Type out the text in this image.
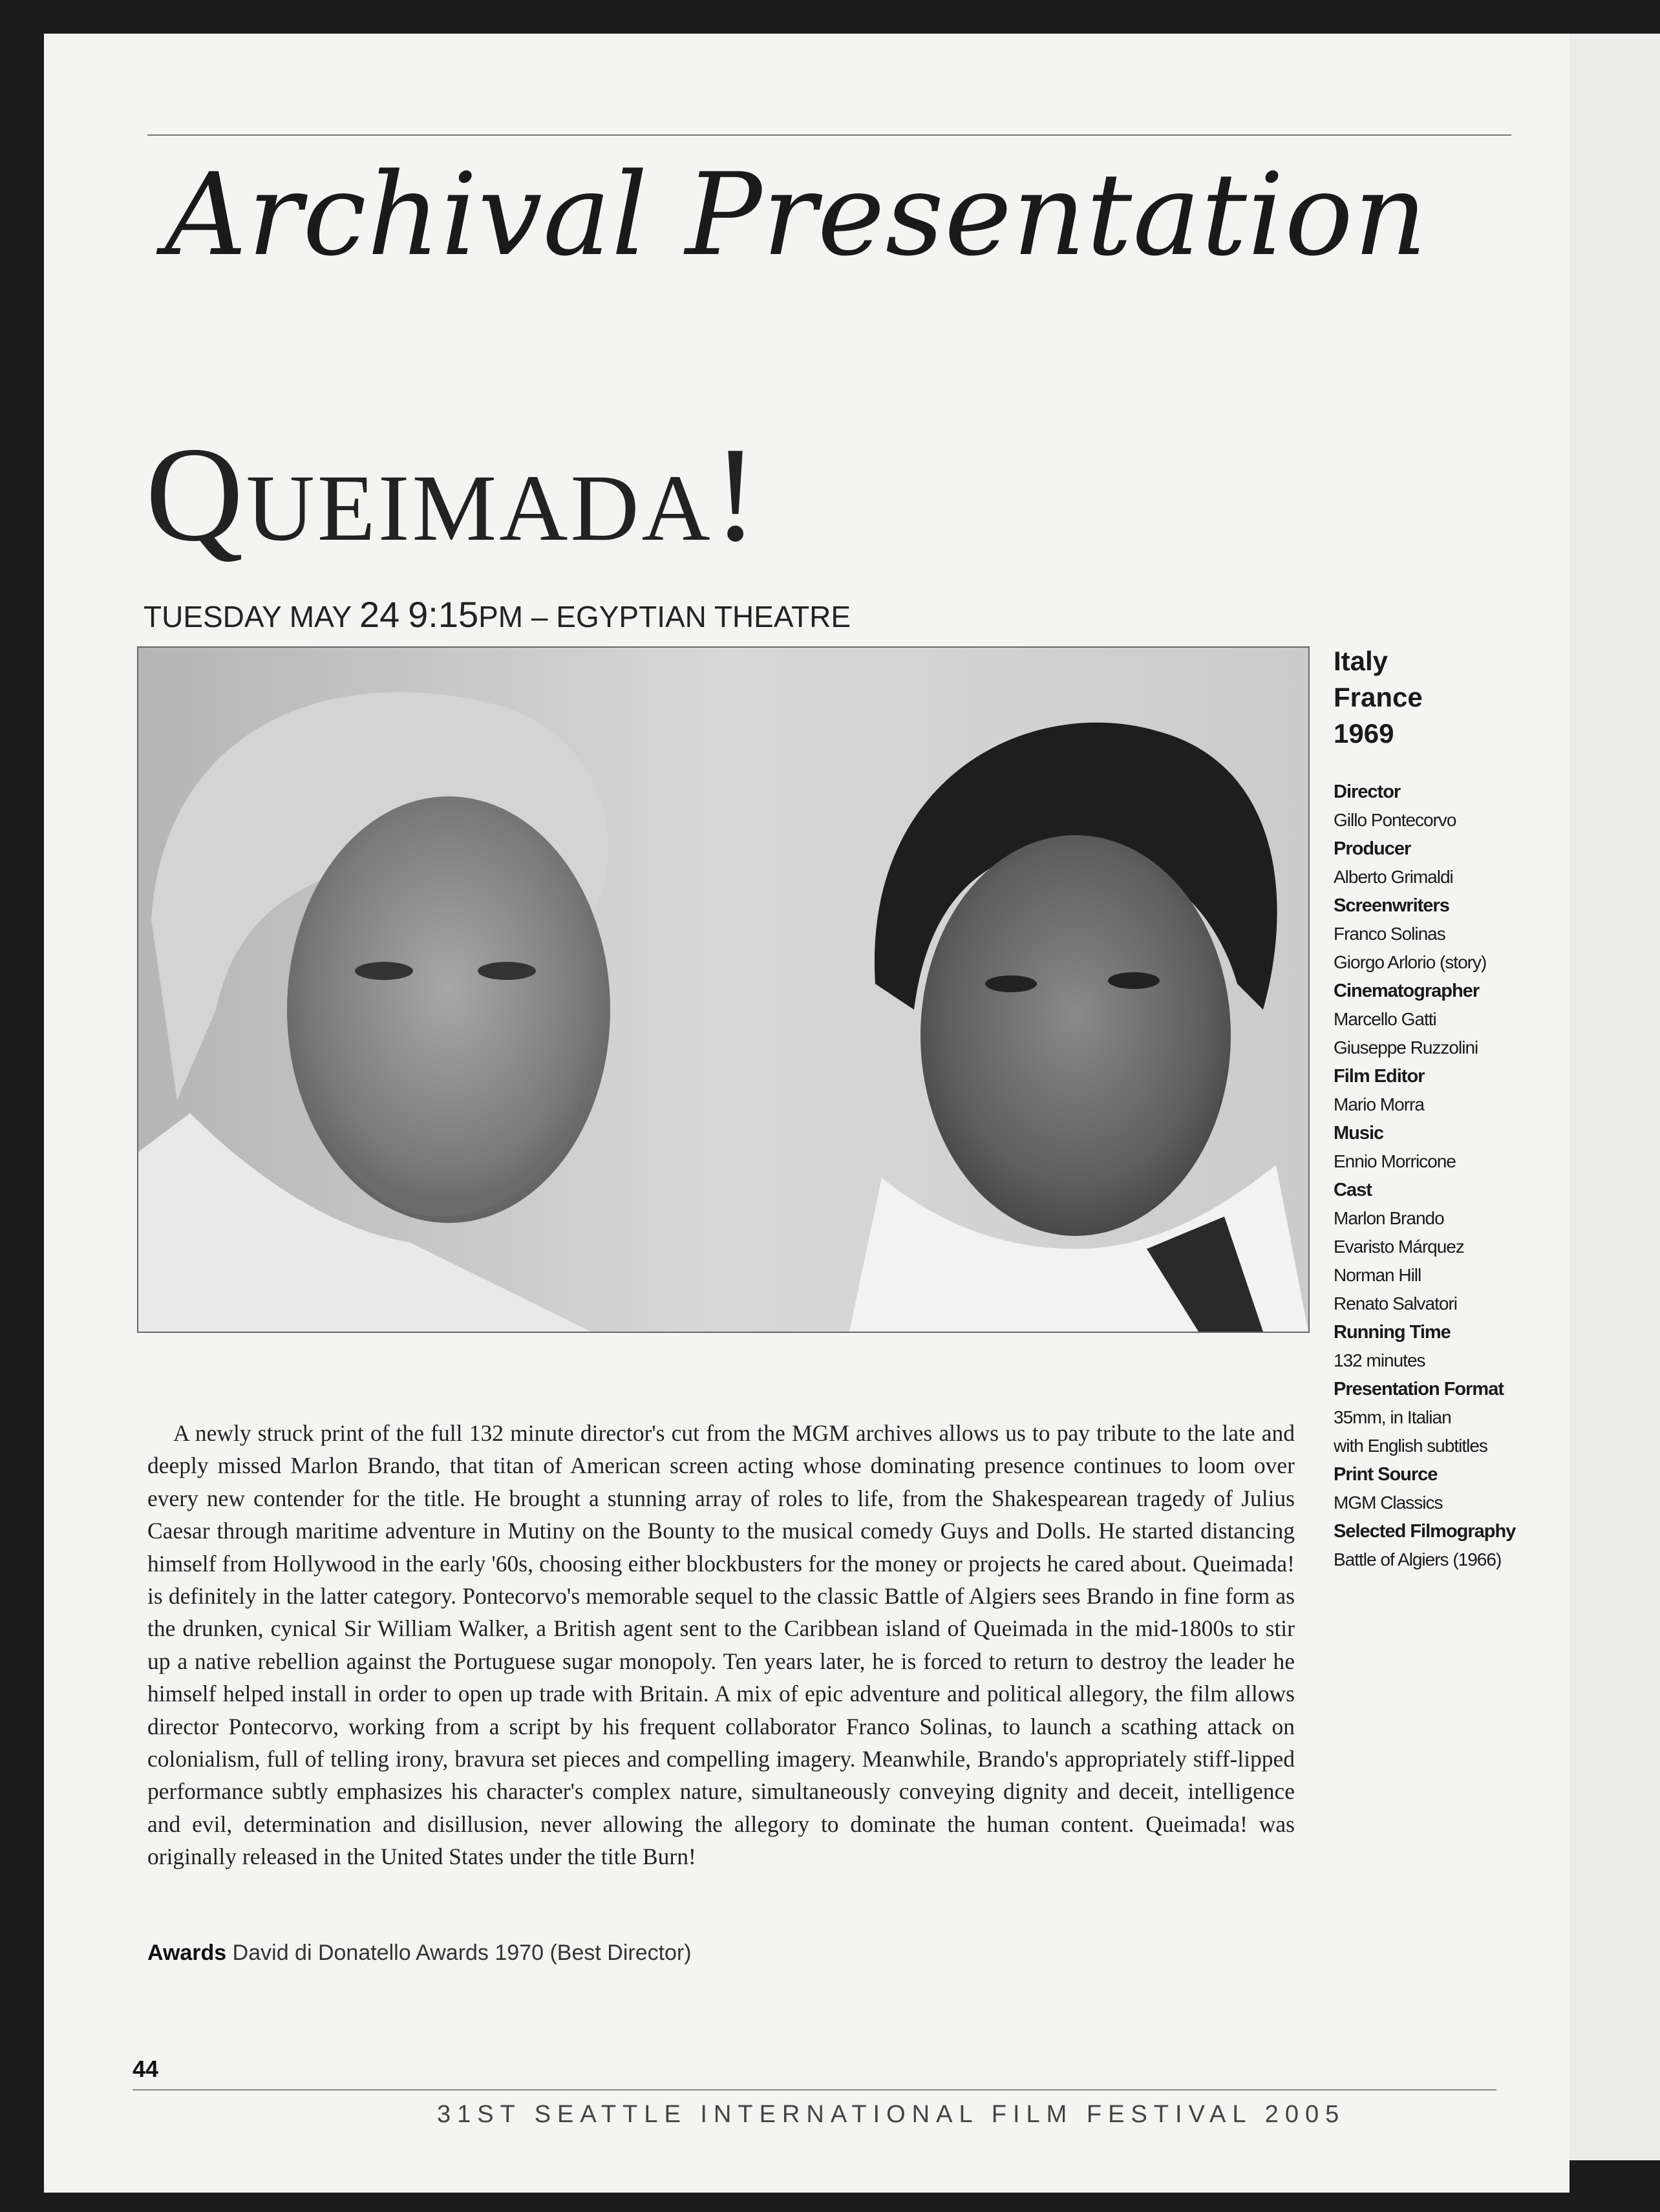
Archival Presentation
Queimada!
TUESDAY MAY 24 9:15PM – EGYPTIAN THEATRE
Italy
France
1969
Director
Gillo Pontecorvo
Producer
Alberto Grimaldi
Screenwriters
Franco Solinas
Giorgo Arlorio (story)
Cinematographer
Marcello Gatti
Giuseppe Ruzzolini
Film Editor
Mario Morra
Music
Ennio Morricone
Cast
Marlon Brando
Evaristo Márquez
Norman Hill
Renato Salvatori
Running Time
132 minutes
Presentation Format
35mm, in Italian
with English subtitles
Print Source
MGM Classics
Selected Filmography
Battle of Algiers (1966)

A newly struck print of the full 132 minute director's cut from the MGM archives allows us to pay tribute to the late and deeply missed Marlon Brando, that titan of American screen acting whose dominating presence continues to loom over every new contender for the title. He brought a stunning array of roles to life, from the Shakespearean tragedy of Julius Caesar through maritime adventure in Mutiny on the Bounty to the musical comedy Guys and Dolls. He started distancing himself from Hollywood in the early '60s, choosing either blockbusters for the money or projects he cared about. Queimada! is definitely in the latter category. Pontecorvo's memorable sequel to the classic Battle of Algiers sees Brando in fine form as the drunken, cynical Sir William Walker, a British agent sent to the Caribbean island of Queimada in the mid-1800s to stir up a native rebellion against the Portuguese sugar monopoly. Ten years later, he is forced to return to destroy the leader he himself helped install in order to open up trade with Britain. A mix of epic adventure and political allegory, the film allows director Pontecorvo, working from a script by his frequent collaborator Franco Solinas, to launch a scathing attack on colonialism, full of telling irony, bravura set pieces and compelling imagery. Meanwhile, Brando's appropriately stiff-lipped performance subtly emphasizes his character's complex nature, simultaneously conveying dignity and deceit, intelligence and evil, determination and disillusion, never allowing the allegory to dominate the human content. Queimada! was originally released in the United States under the title Burn!

Awards David di Donatello Awards 1970 (Best Director)
44
31ST SEATTLE INTERNATIONAL FILM FESTIVAL 2005
